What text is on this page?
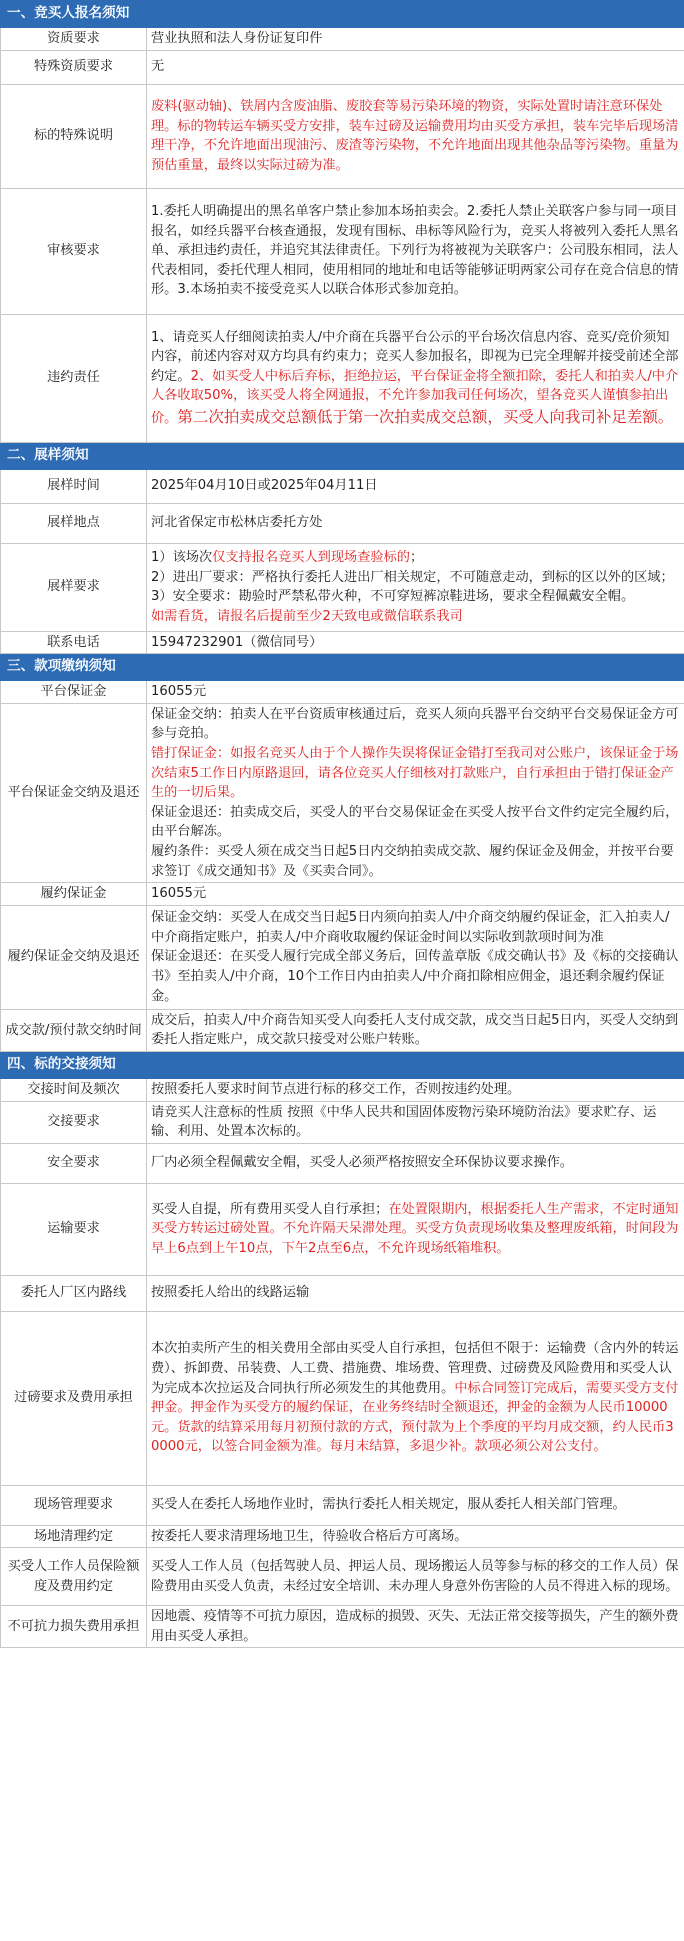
一、竞买人报名须知	
资质要求	营业执照和法人身份证复印件

特殊资质要求	无

标的特殊说明	废料(驱动轴)、铁屑内含废油脂、废胶套等易污染环境的物资，实际处置时请注意环保处理。标的物转运车辆买受方安排，装车过磅及运输费用均由买受方承担，装车完毕后现场清理干净，不允许地面出现油污、废渣等污染物，不允许地面出现其他杂品等污染物。重量为预估重量，最终以实际过磅为准。

审核要求	1.委托人明确提出的黑名单客户禁止参加本场拍卖会。2.委托人禁止关联客户参与同一项目报名，如经兵器平台核查通报，发现有围标、串标等风险行为，竞买人将被列入委托人黑名单、承担违约责任，并追究其法律责任。下列行为将被视为关联客户：公司股东相同，法人代表相同，委托代理人相同，使用相同的地址和电话等能够证明两家公司存在竞合信息的情形。3.本场拍卖不接受竞买人以联合体形式参加竞拍。

违约责任	1、请竞买人仔细阅读拍卖人/中介商在兵器平台公示的平台场次信息内容、竞买/竞价须知内容，前述内容对双方均具有约束力；竞买人参加报名，即视为已完全理解并接受前述全部约定。2、如买受人中标后弃标，拒绝拉运，平台保证金将全额扣除，委托人和拍卖人/中介人各收取50%，该买受人将全网通报，不允许参加我司任何场次，望各竞买人谨慎参拍出价。第二次拍卖成交总额低于第一次拍卖成交总额，买受人向我司补足差额。

二、展样须知	
展样时间	2025年04月10日或2025年04月11日

展样地点	河北省保定市松林店委托方处

展样要求	1）该场次仅支持报名竞买人到现场查验标的；
2）进出厂要求：严格执行委托人进出厂相关规定，不可随意走动，到标的区以外的区域；
3）安全要求：勘验时严禁私带火种，不可穿短裤凉鞋进场，要求全程佩戴安全帽。
如需看货，请报名后提前至少2天致电或微信联系我司

联系电话	15947232901（微信同号）

三、款项缴纳须知	
平台保证金	16055元

平台保证金交纳及退还	保证金交纳：拍卖人在平台资质审核通过后，竞买人须向兵器平台交纳平台交易保证金方可参与竞拍。
错打保证金：如报名竞买人由于个人操作失误将保证金错打至我司对公账户，该保证金于场次结束5工作日内原路退回，请各位竞买人仔细核对打款账户，自行承担由于错打保证金产生的一切后果。
保证金退还：拍卖成交后，买受人的平台交易保证金在买受人按平台文件约定完全履约后，由平台解冻。
履约条件：买受人须在成交当日起5日内交纳拍卖成交款、履约保证金及佣金，并按平台要求签订《成交通知书》及《买卖合同》。

履约保证金	16055元

履约保证金交纳及退还	保证金交纳：买受人在成交当日起5日内须向拍卖人/中介商交纳履约保证金，汇入拍卖人/中介商指定账户，拍卖人/中介商收取履约保证金时间以实际收到款项时间为准
保证金退还：在买受人履行完成全部义务后，回传盖章版《成交确认书》及《标的交接确认书》至拍卖人/中介商，10个工作日内由拍卖人/中介商扣除相应佣金，退还剩余履约保证金。

成交款/预付款交纳时间	成交后，拍卖人/中介商告知买受人向委托人支付成交款，成交当日起5日内，买受人交纳到委托人指定账户，成交款只接受对公账户转账。

四、标的交接须知	
交接时间及频次	按照委托人要求时间节点进行标的移交工作，否则按违约处理。

交接要求	请竞买人注意标的性质 按照《中华人民共和国固体废物污染环境防治法》要求贮存、运输、利用、处置本次标的。

安全要求	厂内必须全程佩戴安全帽，买受人必须严格按照安全环保协议要求操作。

运输要求	买受人自提，所有费用买受人自行承担；在处置限期内，根据委托人生产需求，不定时通知买受方转运过磅处置。不允许隔天呆滞处理。买受方负责现场收集及整理废纸箱，时间段为早上6点到上午10点，下午2点至6点，不允许现场纸箱堆积。

委托人厂区内路线	按照委托人给出的线路运输

过磅要求及费用承担	本次拍卖所产生的相关费用全部由买受人自行承担，包括但不限于：运输费（含内外的转运费）、拆卸费、吊装费、人工费、措施费、堆场费、管理费、过磅费及风险费用和买受人认为完成本次拉运及合同执行所必须发生的其他费用。中标合同签订完成后，需要买受方支付押金。押金作为买受方的履约保证，在业务终结时全额退还，押金的金额为人民币10000元。货款的结算采用每月初预付款的方式，预付款为上个季度的平均月成交额，约人民币30000元，以签合同金额为准。每月末结算，多退少补。款项必须公对公支付。

现场管理要求	买受人在委托人场地作业时，需执行委托人相关规定，服从委托人相关部门管理。

场地清理约定	按委托人要求清理场地卫生，待验收合格后方可离场。

买受人工作人员保险额度及费用约定	买受人工作人员（包括驾驶人员、押运人员、现场搬运人员等参与标的移交的工作人员）保险费用由买受人负责，未经过安全培训、未办理人身意外伤害险的人员不得进入标的现场。

不可抗力损失费用承担	因地震、疫情等不可抗力原因，造成标的损毁、灭失、无法正常交接等损失，产生的额外费用由买受人承担。
